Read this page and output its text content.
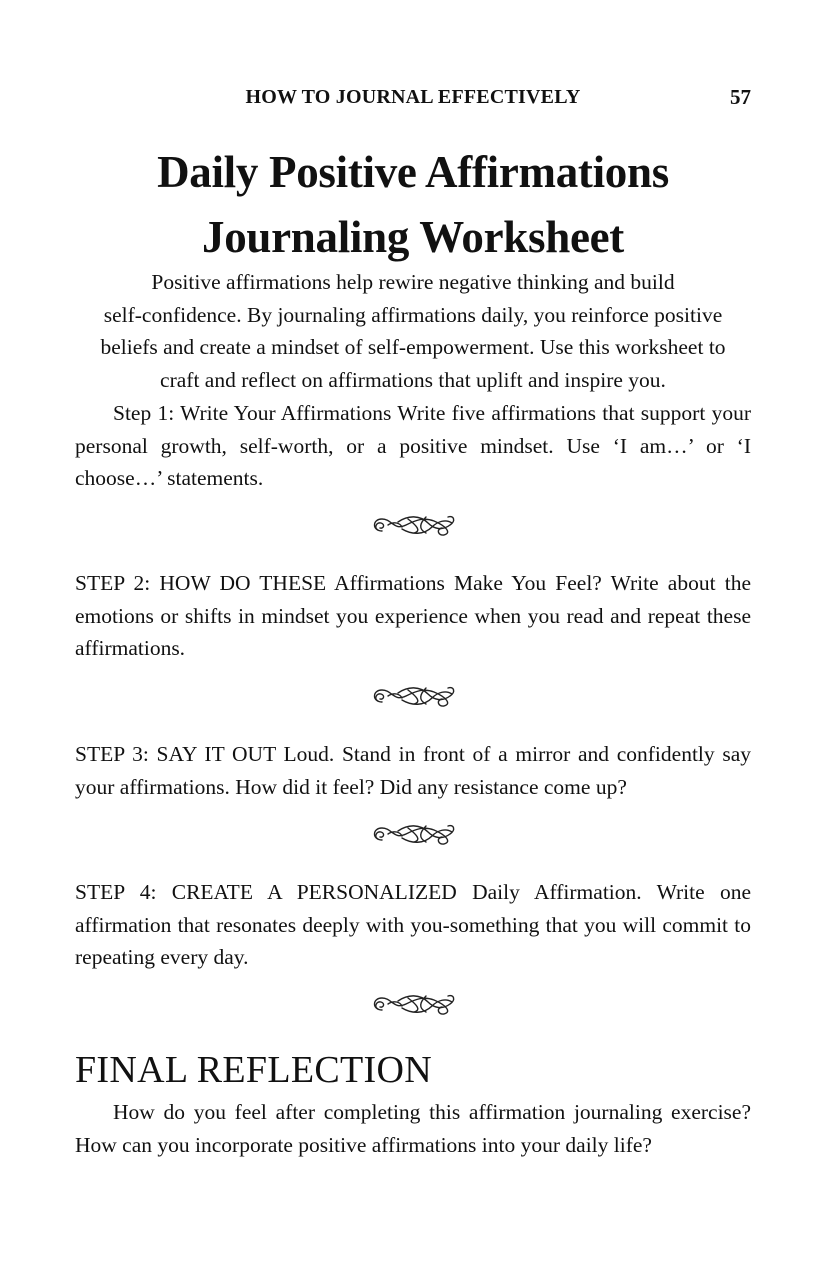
HOW TO JOURNAL EFFECTIVELY	57
Daily Positive Affirmations
Journaling Worksheet

Positive affirmations help rewire negative thinking and build
self-confidence. By journaling affirmations daily, you reinforce positive
beliefs and create a mindset of self-empowerment. Use this worksheet to
craft and reflect on affirmations that uplift and inspire you.

Step 1: Write Your Affirmations Write five affirmations that support your personal growth, self-worth, or a positive mindset. Use ‘I am…’ or ‘I choose…’ statements.

STEP 2: HOW DO THESE Affirmations Make You Feel? Write about the emotions or shifts in mindset you experience when you read and repeat these affirmations.

STEP 3: SAY IT OUT Loud. Stand in front of a mirror and confidently say your affirmations. How did it feel? Did any resistance come up?

STEP 4: CREATE A PERSONALIZED Daily Affirmation. Write one affirmation that resonates deeply with you-something that you will commit to repeating every day.

FINAL REFLECTION

How do you feel after completing this affirmation journaling exercise? How can you incorporate positive affirmations into your daily life?
